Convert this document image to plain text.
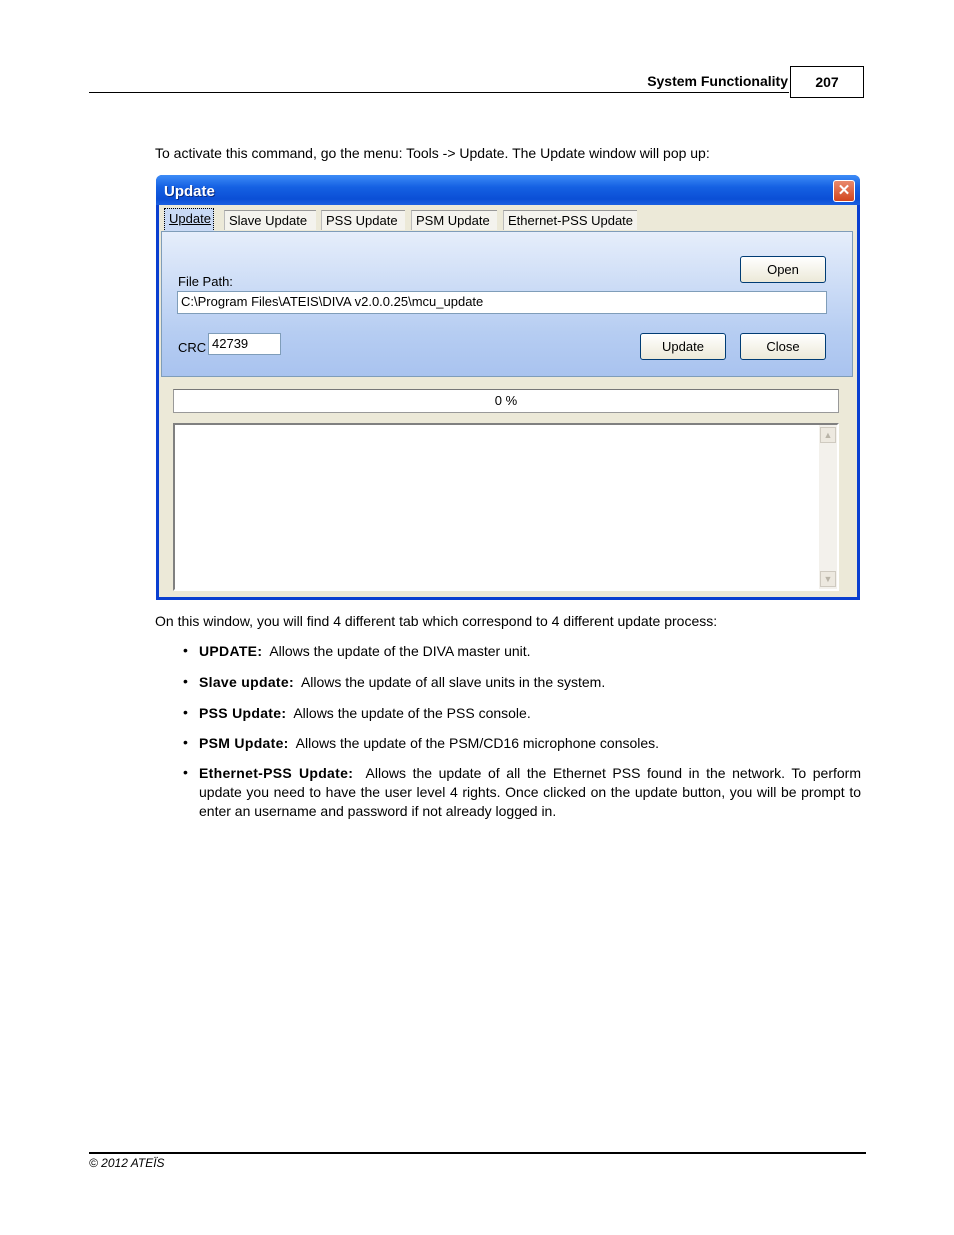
System Functionality	207
To activate this command, go the menu: Tools -> Update. The Update window will pop up:
Update	✕
Update	Slave Update	PSS Update	PSM Update	Ethernet-PSS Update
File Path:
Open
C:\Program Files\ATEIS\DIVA v2.0.0.25\mcu_update
CRC 42739	Update	Close
0 %
▲
▼
On this window, you will find 4 different tab which correspond to 4 different update process:
• UPDATE: Allows the update of the DIVA master unit.
• Slave update: Allows the update of all slave units in the system.
• PSS Update: Allows the update of the PSS console.
• PSM Update: Allows the update of the PSM/CD16 microphone consoles.
• Ethernet-PSS Update: Allows the update of all the Ethernet PSS found in the network. To perform update you need to have the user level 4 rights. Once clicked on the update button, you will be prompt to enter an username and password if not already logged in.
© 2012 ATEÏS
